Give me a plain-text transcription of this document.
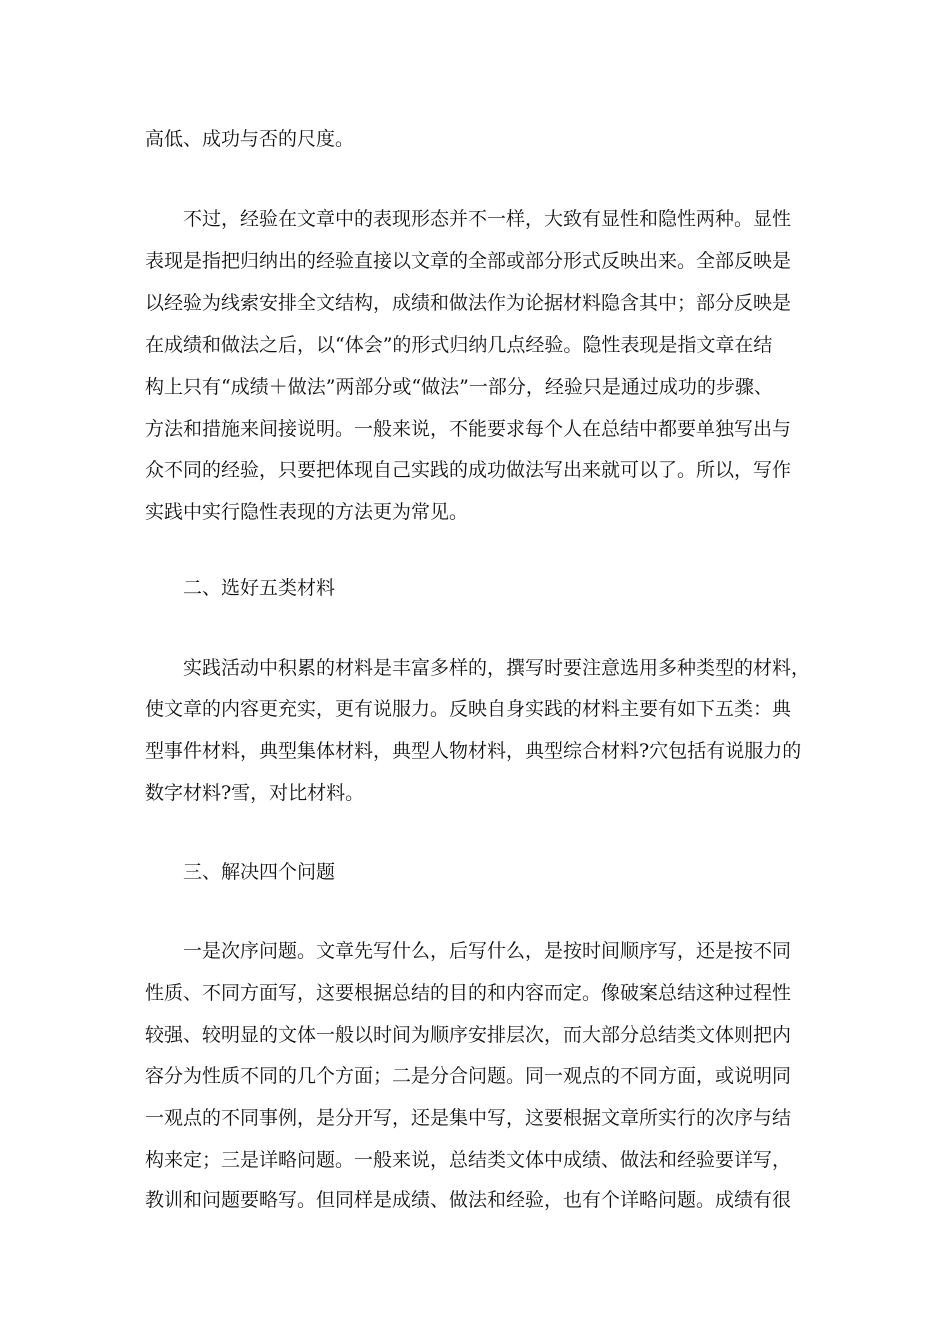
高低、成功与否的尺度。
不过，经验在文章中的表现形态并不一样，大致有显性和隐性两种。显性
表现是指把归纳出的经验直接以文章的全部或部分形式反映出来。全部反映是
以经验为线索安排全文结构，成绩和做法作为论据材料隐含其中；部分反映是
在成绩和做法之后，以“体会”的形式归纳几点经验。隐性表现是指文章在结
构上只有“成绩＋做法”两部分或“做法”一部分，经验只是通过成功的步骤、
方法和措施来间接说明。一般来说，不能要求每个人在总结中都要单独写出与
众不同的经验，只要把体现自己实践的成功做法写出来就可以了。所以，写作
实践中实行隐性表现的方法更为常见。
二、选好五类材料
实践活动中积累的材料是丰富多样的，撰写时要注意选用多种类型的材料，
使文章的内容更充实，更有说服力。反映自身实践的材料主要有如下五类：典
型事件材料，典型集体材料，典型人物材料，典型综合材料?穴包括有说服力的
数字材料?雪，对比材料。
三、解决四个问题
一是次序问题。文章先写什么，后写什么，是按时间顺序写，还是按不同
性质、不同方面写，这要根据总结的目的和内容而定。像破案总结这种过程性
较强、较明显的文体一般以时间为顺序安排层次，而大部分总结类文体则把内
容分为性质不同的几个方面；二是分合问题。同一观点的不同方面，或说明同
一观点的不同事例，是分开写，还是集中写，这要根据文章所实行的次序与结
构来定；三是详略问题。一般来说，总结类文体中成绩、做法和经验要详写，
教训和问题要略写。但同样是成绩、做法和经验，也有个详略问题。成绩有很
